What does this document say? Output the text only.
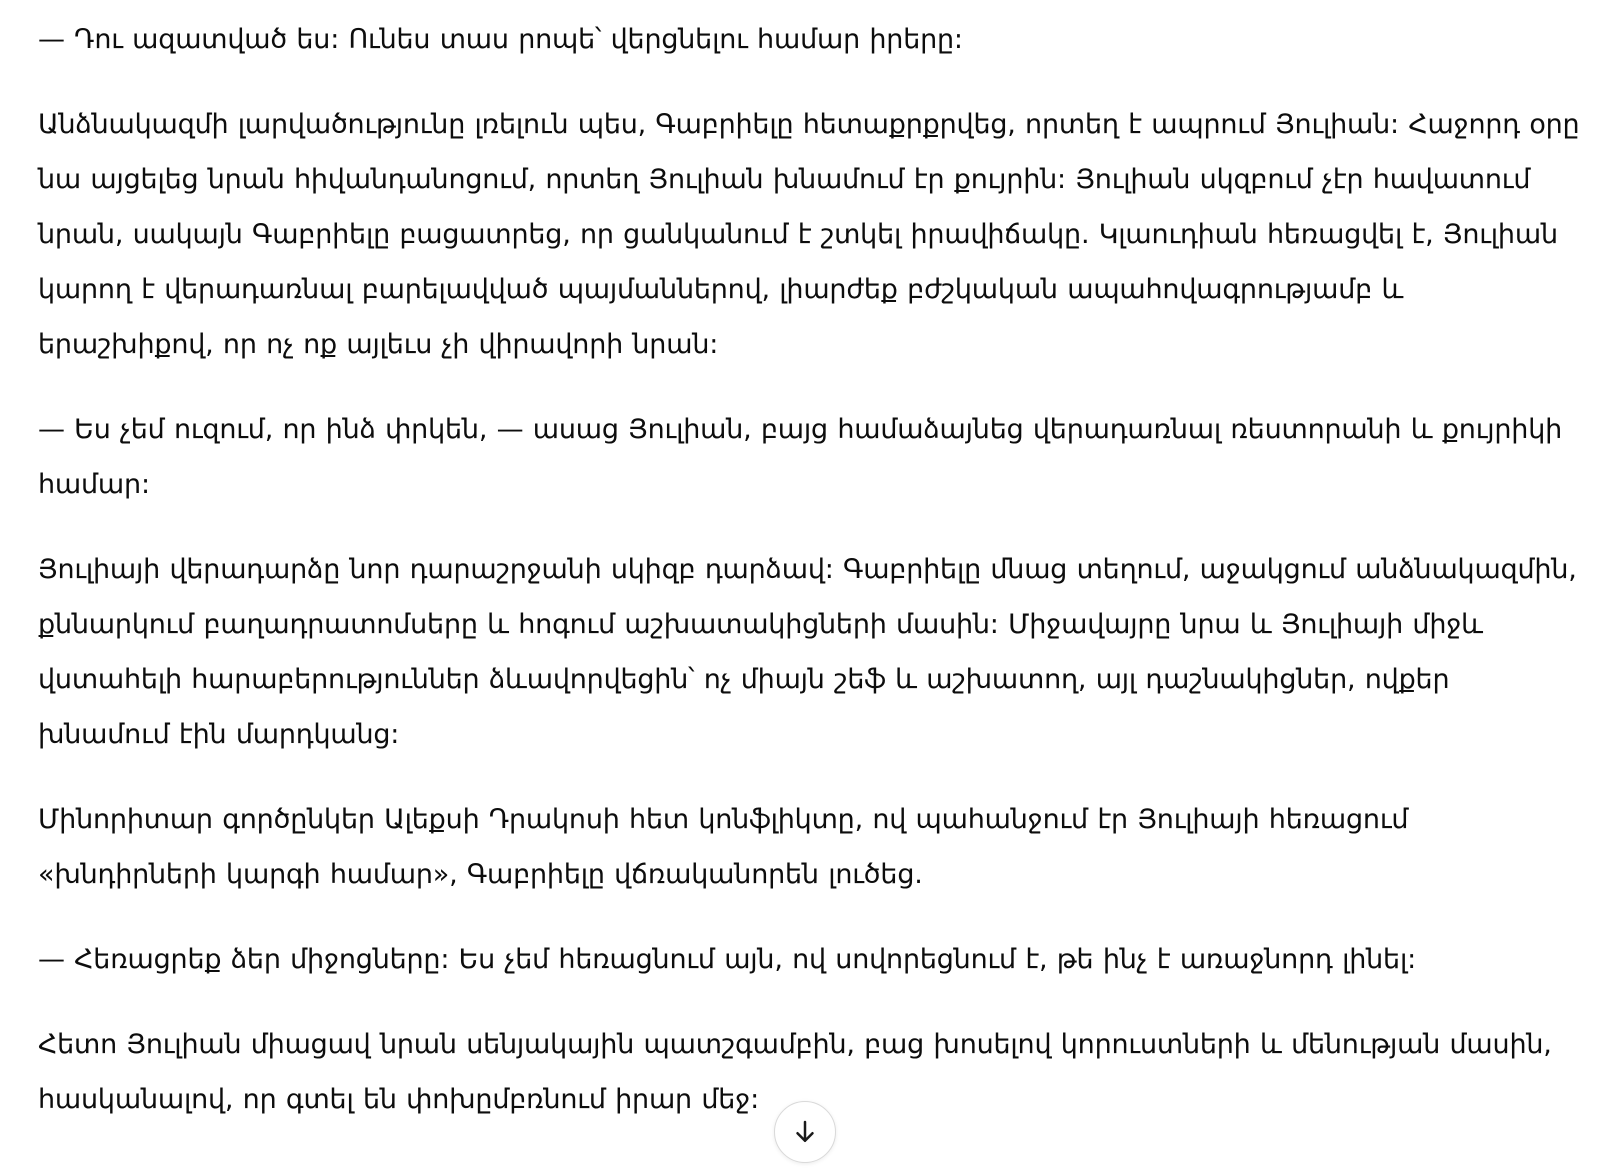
— Դու ազատված ես: Ունես տաս րոպե՝ վերցնելու համար իրերը:

Անձնակազմի լարվածությունը լռելուն պես, Գաբրիելը հետաքրքրվեց, որտեղ է ապրում Յուլիան: Հաջորդ օրը նա այցելեց նրան հիվանդանոցում, որտեղ Յուլիան խնամում էր քույրին: Յուլիան սկզբում չէր հավատում նրան, սակայն Գաբրիելը բացատրեց, որ ցանկանում է շտկել իրավիճակը. Կլաուդիան հեռացվել է, Յուլիան կարող է վերադառնալ բարելավված պայմաններով, լիարժեք բժշկական ապահովագրությամբ և երաշխիքով, որ ոչ ոք այլեւս չի վիրավորի նրան:

— Ես չեմ ուզում, որ ինձ փրկեն, — ասաց Յուլիան, բայց համաձայնեց վերադառնալ ռեստորանի և քույրիկի համար:

Յուլիայի վերադարձը նոր դարաշրջանի սկիզբ դարձավ: Գաբրիելը մնաց տեղում, աջակցում անձնակազմին, քննարկում բաղադրատոմսերը և հոգում աշխատակիցների մասին: Միջավայրը նրա և Յուլիայի միջև վստահելի հարաբերություններ ձևավորվեցին՝ ոչ միայն շեֆ և աշխատող, այլ դաշնակիցներ, ովքեր խնամում էին մարդկանց:

Մինորիտար գործընկեր Ալեքսի Դրակոսի հետ կոնֆլիկտը, ով պահանջում էր Յուլիայի հեռացում «խնդիրների կարգի համար», Գաբրիելը վճռականորեն լուծեց.

— Հեռացրեք ձեր միջոցները: Ես չեմ հեռացնում այն, ով սովորեցնում է, թե ինչ է առաջնորդ լինել:

Հետո Յուլիան միացավ նրան սենյակային պատշգամբին, բաց խոսելով կորուստների և մենության մասին, հասկանալով, որ գտել են փոխըմբռնում իրար մեջ:
